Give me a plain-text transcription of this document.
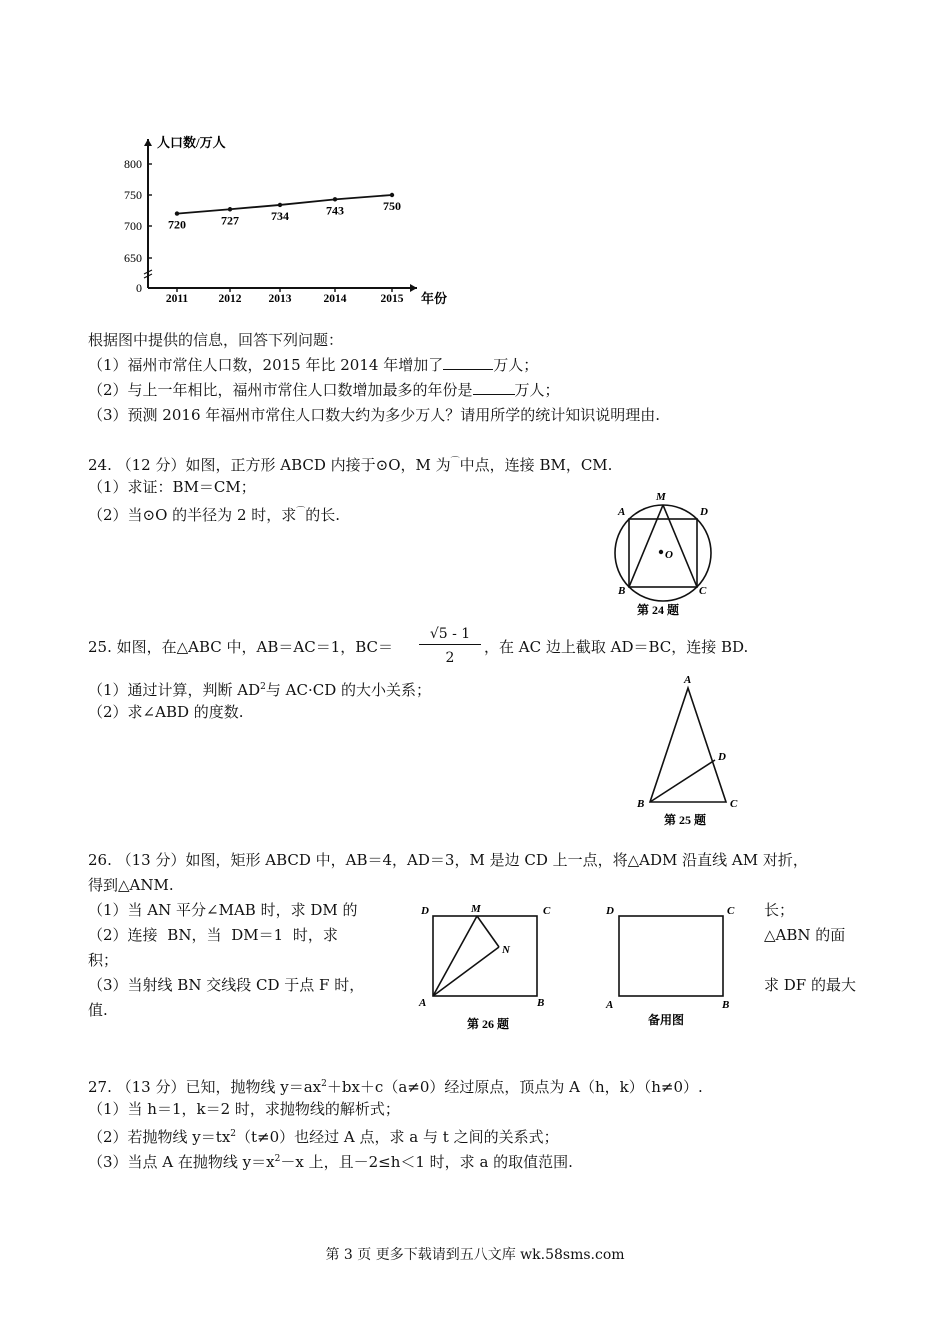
0
650
700
750
800
2011	2012 2013	2014	2015
720	727	734	743	750
人口数/万人
年份
根据图中提供的信息，回答下列问题：
（1）福州市常住人口数，2015 年比 2014 年增加了	万人；
（2）与上一年相比，福州市常住人口数增加最多的年份是	万人；
（3）预测 2016 年福州市常住人口数大约为多少万人？请用所学的统计知识说明理由.
24. （12 分）如图，正方形 ABCD 内接于⊙O，M 为⌒中点，连接 BM，CM.
（1）求证：BM＝CM；
（2）当⊙O 的半径为 2 时，求⌒的长.	A
M
D
O
B	C
第 24 题
25. 如图，在△ABC 中，AB＝AC＝1，$BC= \frac{√5 - 1}{2}$ ，在 AC 边上截取 AD＝BC，连接 BD.
（1）通过计算，判断 $AD^2$与 AC·CD 的大小关系；
（2）求∠ABD 的度数.
A
D
B	C
第 25 题
26. （13 分）如图，矩形 ABCD 中，AB＝4，AD＝3，M 是边 CD 上一点，将△ADM 沿直线 AM 对折，
得到△ANM.
（1）当 AN 平分∠MAB 时，求 DM 的	长；
（2）连接 BN，当 DM＝1 时，求	△ABN 的面
积；
（3）当射线 BN 交线段 CD 于点 F 时，	求 DF 的最大
值.
D	M	C
N
A	B
第 26 题
D	C
A	B
备用图
27. （13 分）已知，抛物线 $y=ax^2+bx+c(a\ne 0)$经过原点，顶点为 A（h，k）（h≠0）.
（1）当 h＝1，k＝2 时，求抛物线的解析式；
（2）若抛物线 $y=tx^2(t\ne 0)$也经过 A 点，求 a 与 t 之间的关系式；
（3）当点 A 在抛物线 $y=x^2-x$ 上，且－2≤h＜1 时，求 a 的取值范围.
第 3 页 更多下载请到五八文库 wk.58sms.com
